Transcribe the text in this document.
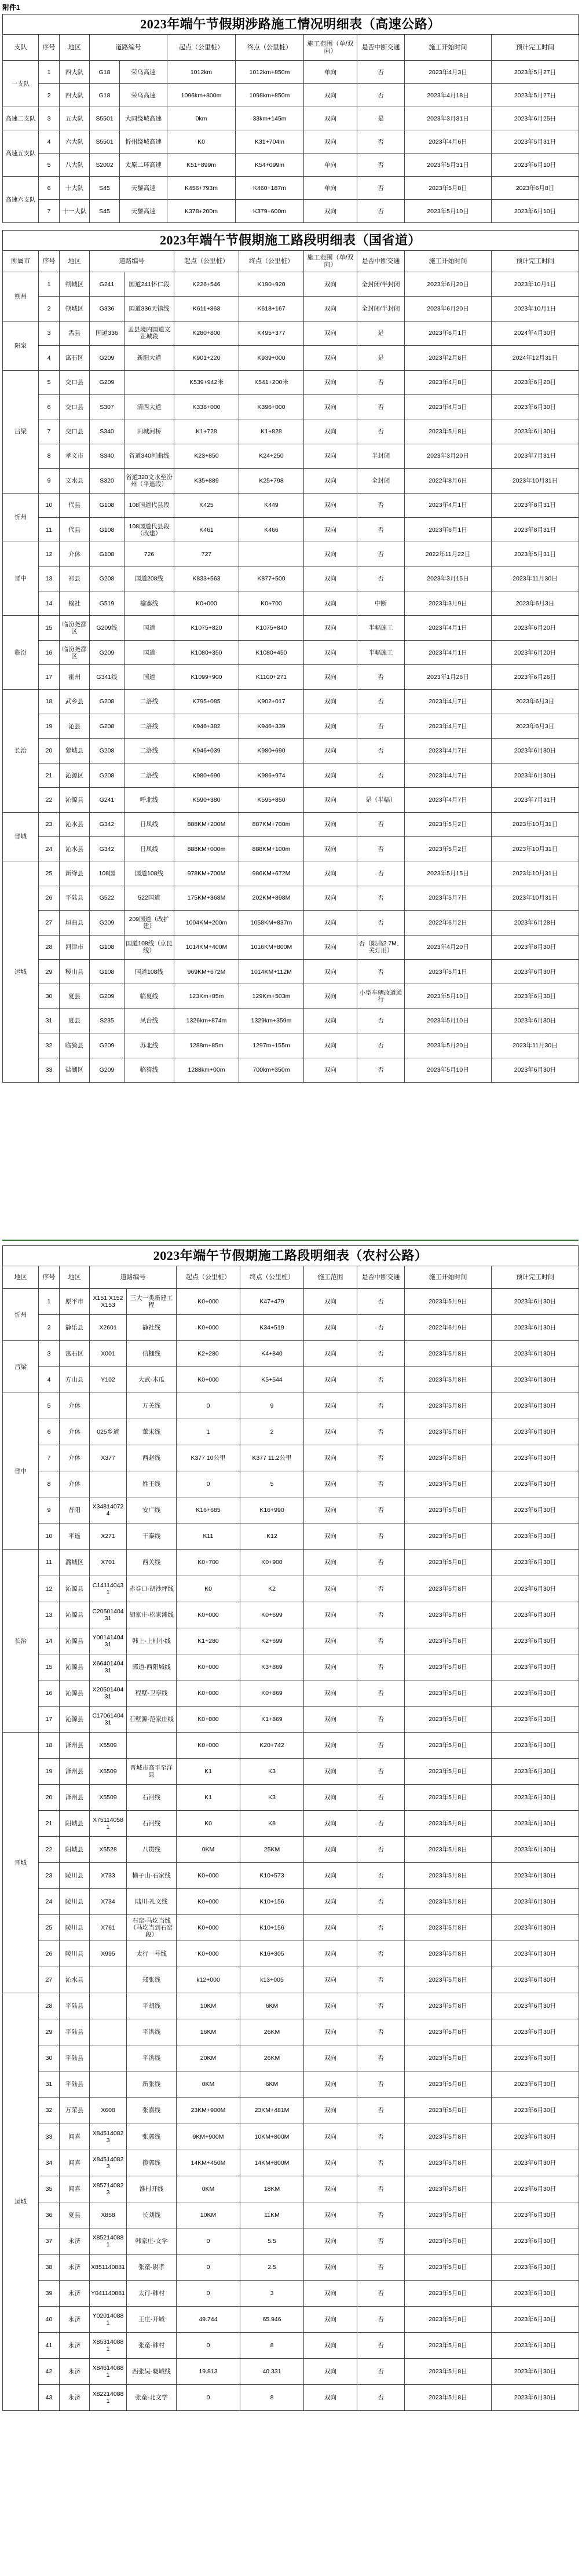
附件1
2023年端午节假期涉路施工情况明细表（高速公路）
支队	序号	地区	道路编号		起点（公里桩）	终点（公里桩）	施工范围（单/双向）	是否中断交通	施工开始时间	预计完工时间
一支队	1	四大队	G18	荣乌高速	1012km	1012km+850m	单向	否	2023年4月3日	2023年5月27日
	2	四大队	G18	荣乌高速	1096km+800m	1098km+850m	双向	否	2023年4月18日	2023年5月27日
高速二支队	3	五大队	S5501	大同绕城高速	0km	33km+145m	双向	是	2023年3月31日	2023年6月25日
高速五支队	4	六大队	S5501	忻州绕城高速	K0	K31+704m	双向	否	2023年4月6日	2023年5月31日
	5	八大队	S2002	太原二环高速	K51+899m	K54+099m	单向	否	2023年5月31日	2023年6月10日
高速六支队	6	十大队	S45	天黎高速	K456+793m	K460+187m	单向	否	2023年5月8日	2023年6月8日
	7	十一大队	S45	天黎高速	K378+200m	K379+600m	双向	否	2023年5月10日	2023年6月10日
2023年端午节假期施工路段明细表（国省道）
所属市	序号	地区	道路编号		起点（公里桩）	终点（公里桩）	施工范围（单/双向）	是否中断交通	施工开始时间	预计完工时间
朔州	1	朔城区	G241	国道241怀仁段	K226+546	K190+920	双向	全封闭/半封闭	2023年6月20日	2023年10月1日
	2	朔城区	G336	国道336天镇线	K611+363	K618+167	双向	全封闭/半封闭	2023年6月20日	2023年10月1日
阳泉	3	盂县	国道336	孟县境内国道文芷城段	K280+800	K495+377	双向	是	2023年6月1日	2024年4月30日
	4	寓石区	G209	新阳大道	K901+220	K939+000	双向	是	2023年2月8日	2024年12月31日
吕梁	5	交口县	G209		K539+942米	K541+200米	双向	否	2023年4月8日	2023年6月20日
	6	交口县	S307	清西大道	K338+000	K396+000	双向	否	2023年4月3日	2023年6月30日
	7	交口县	S340	田城河桥	K1+728	K1+828	双向	否	2023年5月8日	2023年6月30日
	8	孝义市	S340	省道340河曲线	K23+850	K24+250	双向	半封闭	2023年3月20日	2023年7月31日
	9	文水县	S320	省道320文水至汾州（平遥段）	K35+889	K25+798	双向	全封闭	2022年8月6日	2023年10月31日
忻州	10	代县	G108	108国道代县段	K425	K449	双向	否	2023年4月1日	2023年8月31日
	11	代县	G108	108国道代县段（改建）	K461	K466	双向	否	2023年6月1日	2023年8月31日
晋中	12	介休	G108	726	727		双向	否	2022年11月22日	2023年5月31日
	13	祁县	G208	国道208线	K833+563	K877+500	双向	否	2023年3月15日	2023年11月30日
	14	榆社	G519	榆寨线	K0+000	K0+700	双向	中断	2023年3月9日	2023年6月3日
临汾	15	临汾尧都区	G209线	国道	K1075+820	K1075+840	双向	半幅施工	2023年4月1日	2023年6月20日
	16	临汾尧都区	G209	国道	K1080+350	K1080+450	双向	半幅施工	2023年4月1日	2023年6月20日
	17	霍州	G341线	国道	K1099+900	K1100+271	双向	否	2023年1月26日	2023年6月26日
长治	18	武乡县	G208	二洛线	K795+085	K902+017	双向	否	2023年4月7日	2023年6月3日
	19	沁县	G208	二洛线	K946+382	K946+339	双向	否	2023年4月7日	2023年6月3日
	20	黎城县	G208	二洛线	K946+039	K980+690	双向	否	2023年4月7日	2023年6月30日
	21	沁源区	G208	二洛线	K980+690	K986+974	双向	否	2023年4月7日	2023年6月30日
	22	沁源县	G241	呼北线	K590+380	K595+850	双向	是（半幅）	2023年4月7日	2023年7月31日
晋城	23	沁水县	G342	日凤线	888KM+200M	887KM+700m	双向	否	2023年5月2日	2023年10月31日
	24	沁水县	G342	日凤线	888KM+000m	888KM+100m	双向	否	2023年5月2日	2023年10月31日
运城	25	新绛县	108国	国道108线	978KM+700M	986KM+672M	双向	否	2023年5月15日	2023年10月31日
	26	平陆县	G522	522国道	175KM+368M	202KM+898M	双向	否	2023年5月7日	2023年10月31日
	27	垣曲县	G209	209国道（改扩建）	1004KM+200m	1058KM+837m	双向	否	2022年6月2日	2023年6月28日
	28	河津市	G108	国道108线（京昆线）	1014KM+400M	1016KM+800M	双向	否（限高2.7M、关灯用）	2023年4月20日	2023年8月30日
	29	稷山县	G108	国道108线	969KM+672M	1014KM+112M	双向	否	2023年5月1日	2023年6月30日
	30	夏县	G209	临夏线	123Km+85m	129Km+503m	双向	小型车辆改道通行	2023年5月10日	2023年6月30日
	31	夏县	S235	凤台线	1326km+874m	1329km+359m	双向	否	2023年5月10日	2023年6月30日
	32	临猗县	G209	苏北线	1288m+85m	1297m+155m	双向	否	2023年5月20日	2023年11月30日
	33	盐湖区	G209	临猗线	1288km+00m	700km+350m	双向	否	2023年5月10日	2023年6月30日
2023年端午节假期施工路段明细表（农村公路）
地区	序号	地区	道路编号		起点（公里桩）	终点（公里桩）	施工范围	是否中断交通	施工开始时间	预计完工时间
忻州	1	原平市	X151 X152 X153	三大一类新建工程	K0+000	K47+479	双向	否	2023年5月9日	2023年6月30日
	2	静乐县	X2601	静社线	K0+000	K34+519	双向	否	2022年6月9日	2023年6月30日
吕梁	3	寓石区	X001	信棚线	K2+280	K4+840	双向	否	2023年5月8日	2023年6月30日
	4	方山县	Y102	大武-木瓜	K0+000	K5+544	双向	否	2023年5月8日	2023年6月30日
晋中	5	介休		万关线	0	9	双向	否	2023年5月8日	2023年6月30日
	6	介休	025乡道	董宋线	1	2	双向	否	2023年5月8日	2023年6月30日
	7	介休	X377	西赵线	K377 10公里	K377 11.2公里	双向	否	2023年5月8日	2023年6月30日
	8	介休		姓王线	0	5	双向	否	2023年5月8日	2023年6月30日
	9	昔阳	X34814072 4	安广线	K16+685	K16+990	双向	否	2023年5月8日	2023年6月30日
	10	平遥	X271	干泰线	K11	K12	双向	否	2023年5月8日	2023年6月30日
长治	11	潞城区	X701	西关线	K0+700	K0+900	双向	否	2023年5月8日	2023年6月30日
	12	沁源县	C141140431	赤卷口-胡沙坪线	K0	K2	双向	否	2023年5月8日	2023年6月30日
	13	沁源县	C2050140431	胡家庄-松家滩线	K0+000	K0+699	双向	否	2023年5月8日	2023年6月30日
	14	沁源县	Y0014140431	韩上-上村小线	K1+280	K2+699	双向	否	2023年5月8日	2023年6月30日
	15	沁源县	X6640140431	郭道-西阳城线	K0+000	K3+869	双向	否	2023年5月8日	2023年6月30日
	16	沁源县	X2050140431	程墅-卫亭线	K0+000	K0+869	双向	否	2023年5月8日	2023年6月30日
	17	沁源县	C1706140431	石壁源-范家庄线	K0+000	K1+869	双向	否	2023年5月8日	2023年6月30日
晋城	18	泽州县	X5509		K0+000	K20+742	双向	否	2023年5月8日	2023年6月30日
	19	泽州县	X5509	晋城市高平至洋县	K1	K3	双向	否	2023年5月8日	2023年6月30日
	20	泽州县	X5509	石河线	K1	K3	双向	否	2023年5月8日	2023年6月30日
	21	阳城县	X75114058 1	石河线	K0	K8	双向	否	2023年5月8日	2023年6月30日
	22	阳城县	X5528	八贯线	0KM	25KM	双向	否	2023年5月8日	2023年6月30日
	23	陵川县	X733	横子山-石家线	K0+000	K10+573	双向	否	2023年5月8日	2023年6月30日
	24	陵川县	X734	陆川-礼义线	K0+000	K10+156	双向	否	2023年5月8日	2023年6月30日
	25	陵川县	X761	石窑-马圪当线（马圪当到石窑段）	K0+000	K10+156	双向	否	2023年5月8日	2023年6月30日
	26	陵川县	X995	太行一号线	K0+000	K16+305	双向	否	2023年5月8日	2023年6月30日
	27	沁水县		郑张线	k12+000	k13+005	双向	否	2023年5月8日	2023年6月30日
运城	28	平陆县		平胡线	10KM	6KM	双向	否	2023年5月8日	2023年6月30日
	29	平陆县		平洪线	16KM	26KM	双向	否	2023年5月8日	2023年6月30日
	30	平陆县		平洪线	20KM	26KM	双向	否	2023年5月8日	2023年6月30日
	31	平陆县		新张线	0KM	6KM	双向	否	2023年5月8日	2023年6月30日
	32	万荣县	X608	张嘉线	23KM+900M	23KM+481M	双向	否	2023年5月8日	2023年6月30日
	33	闻喜	X845140823	张郭线	9KM+900M	10KM+800M	双向	否	2023年5月8日	2023年6月30日
	34	闻喜	X845140823	揽郭线	14KM+450M	14KM+800M	双向	否	2023年5月8日	2023年6月30日
	35	闻喜	X857140823	淮村开线	0KM	18KM	双向	否	2023年5月8日	2023年6月30日
	36	夏县	X858	长刘线	10KM	11KM	双向	否	2023年5月8日	2023年6月30日
	37	永济	X852140881	韩家庄-文学	0	5.5	双向	否	2023年5月8日	2023年6月30日
	38	永济	X851140881	张童-尉孝	0	2.5	双向	否	2023年5月8日	2023年6月30日
	39	永济	Y041140881	太行-韩村	0	3	双向	否	2023年5月8日	2023年6月30日
	40	永济	Y020140881	王庄-开城	49.744	65.946	双向	否	2023年5月8日	2023年6月30日
	41	永济	X853140881	张童-韩村	0	8	双向	否	2023年5月8日	2023年6月30日
	42	永济	X846140881	西张吴-晓城线	19.813	40.331	双向	否	2023年5月8日	2023年6月30日
	43	永济	X822140881	张童-北文学	0	8	双向	否	2023年5月8日	2023年6月30日
